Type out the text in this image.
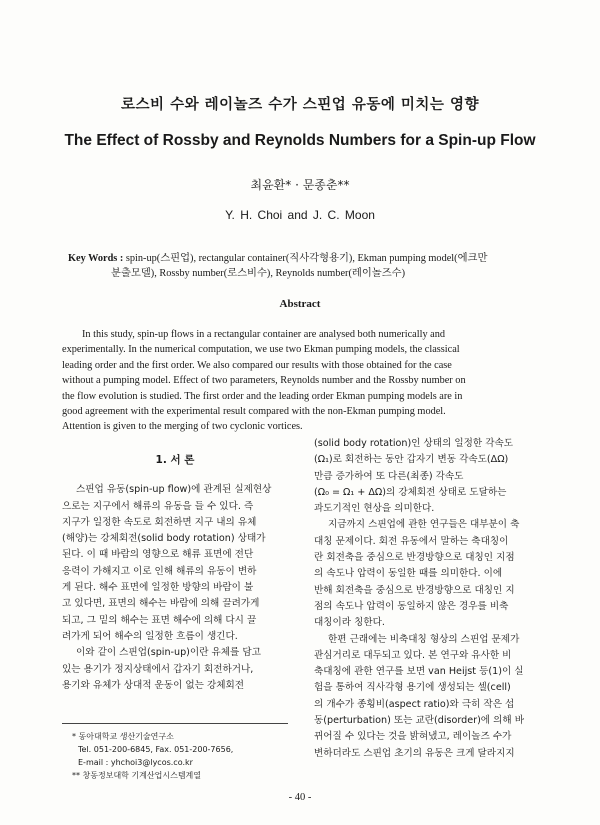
로스비 수와 레이놀즈 수가 스핀업 유동에 미치는 영향
The Effect of Rossby and Reynolds Numbers for a Spin-up Flow
최윤환* · 문종춘**
Y. H. Choi and J. C. Moon
Key Words : spin-up(스핀업), rectangular container(직사각형용기), Ekman pumping model(에크만
분출모델), Rossby number(로스비수), Reynolds number(레이놀즈수)
Abstract
In this study, spin-up flows in a rectangular container are analysed both numerically and
experimentally. In the numerical computation, we use two Ekman pumping models, the classical
leading order and the first order. We also compared our results with those obtained for the case
without a pumping model. Effect of two parameters, Reynolds number and the Rossby number on
the flow evolution is studied. The first order and the leading order Ekman pumping models are in
good agreement with the experimental result compared with the non-Ekman pumping model.
Attention is given to the merging of two cyclonic vortices.
1. 서 론
스핀업 유동(spin-up flow)에 관계된 실제현상
으로는 지구에서 해류의 유동을 들 수 있다. 즉
지구가 일정한 속도로 회전하면 지구 내의 유체
(해양)는 강체회전(solid body rotation) 상태가
된다. 이 때 바람의 영향으로 해류 표면에 전단
응력이 가해지고 이로 인해 해류의 유동이 변하
게 된다. 해수 표면에 일정한 방향의 바람이 불
고 있다면, 표면의 해수는 바람에 의해 끌려가게
되고, 그 밑의 해수는 표면 해수에 의해 다시 끌
려가게 되어 해수의 일정한 흐름이 생긴다.
이와 같이 스핀업(spin-up)이란 유체를 담고
있는 용기가 정지상태에서 갑자기 회전하거나,
용기와 유체가 상대적 운동이 없는 강체회전
(solid body rotation)인 상태의 일정한 각속도
(Ω₁)로 회전하는 동안 갑자기 변동 각속도(ΔΩ)
만큼 증가하여 또 다른(최종) 각속도
(Ω₀ = Ω₁ + ΔΩ)의 강체회전 상태로 도달하는
과도기적인 현상을 의미한다.
지금까지 스핀업에 관한 연구들은 대부분이 축
대칭 문제이다. 회전 유동에서 말하는 축대칭이
란 회전축을 중심으로 반경방향으로 대칭인 지점
의 속도나 압력이 동일한 때를 의미한다. 이에
반해 회전축을 중심으로 반경방향으로 대칭인 지
점의 속도나 압력이 동일하지 않은 경우를 비축
대칭이라 칭한다.
한편 근래에는 비축대칭 형상의 스핀업 문제가
관심거리로 대두되고 있다. 본 연구와 유사한 비
축대칭에 관한 연구를 보면 van Heijst 등(1)이 실
험을 통하여 직사각형 용기에 생성되는 셀(cell)
의 개수가 종횡비(aspect ratio)와 극히 작은 섭
동(perturbation) 또는 교란(disorder)에 의해 바
뀌어질 수 있다는 것을 밝혀냈고, 레이놀즈 수가
변하더라도 스핀업 초기의 유동은 크게 달라지지
* 동아대학교 생산기술연구소
Tel. 051-200-6845, Fax. 051-200-7656,
E-mail : yhchoi3@lycos.co.kr
** 창동정보대학 기계산업시스템계열
- 40 -
